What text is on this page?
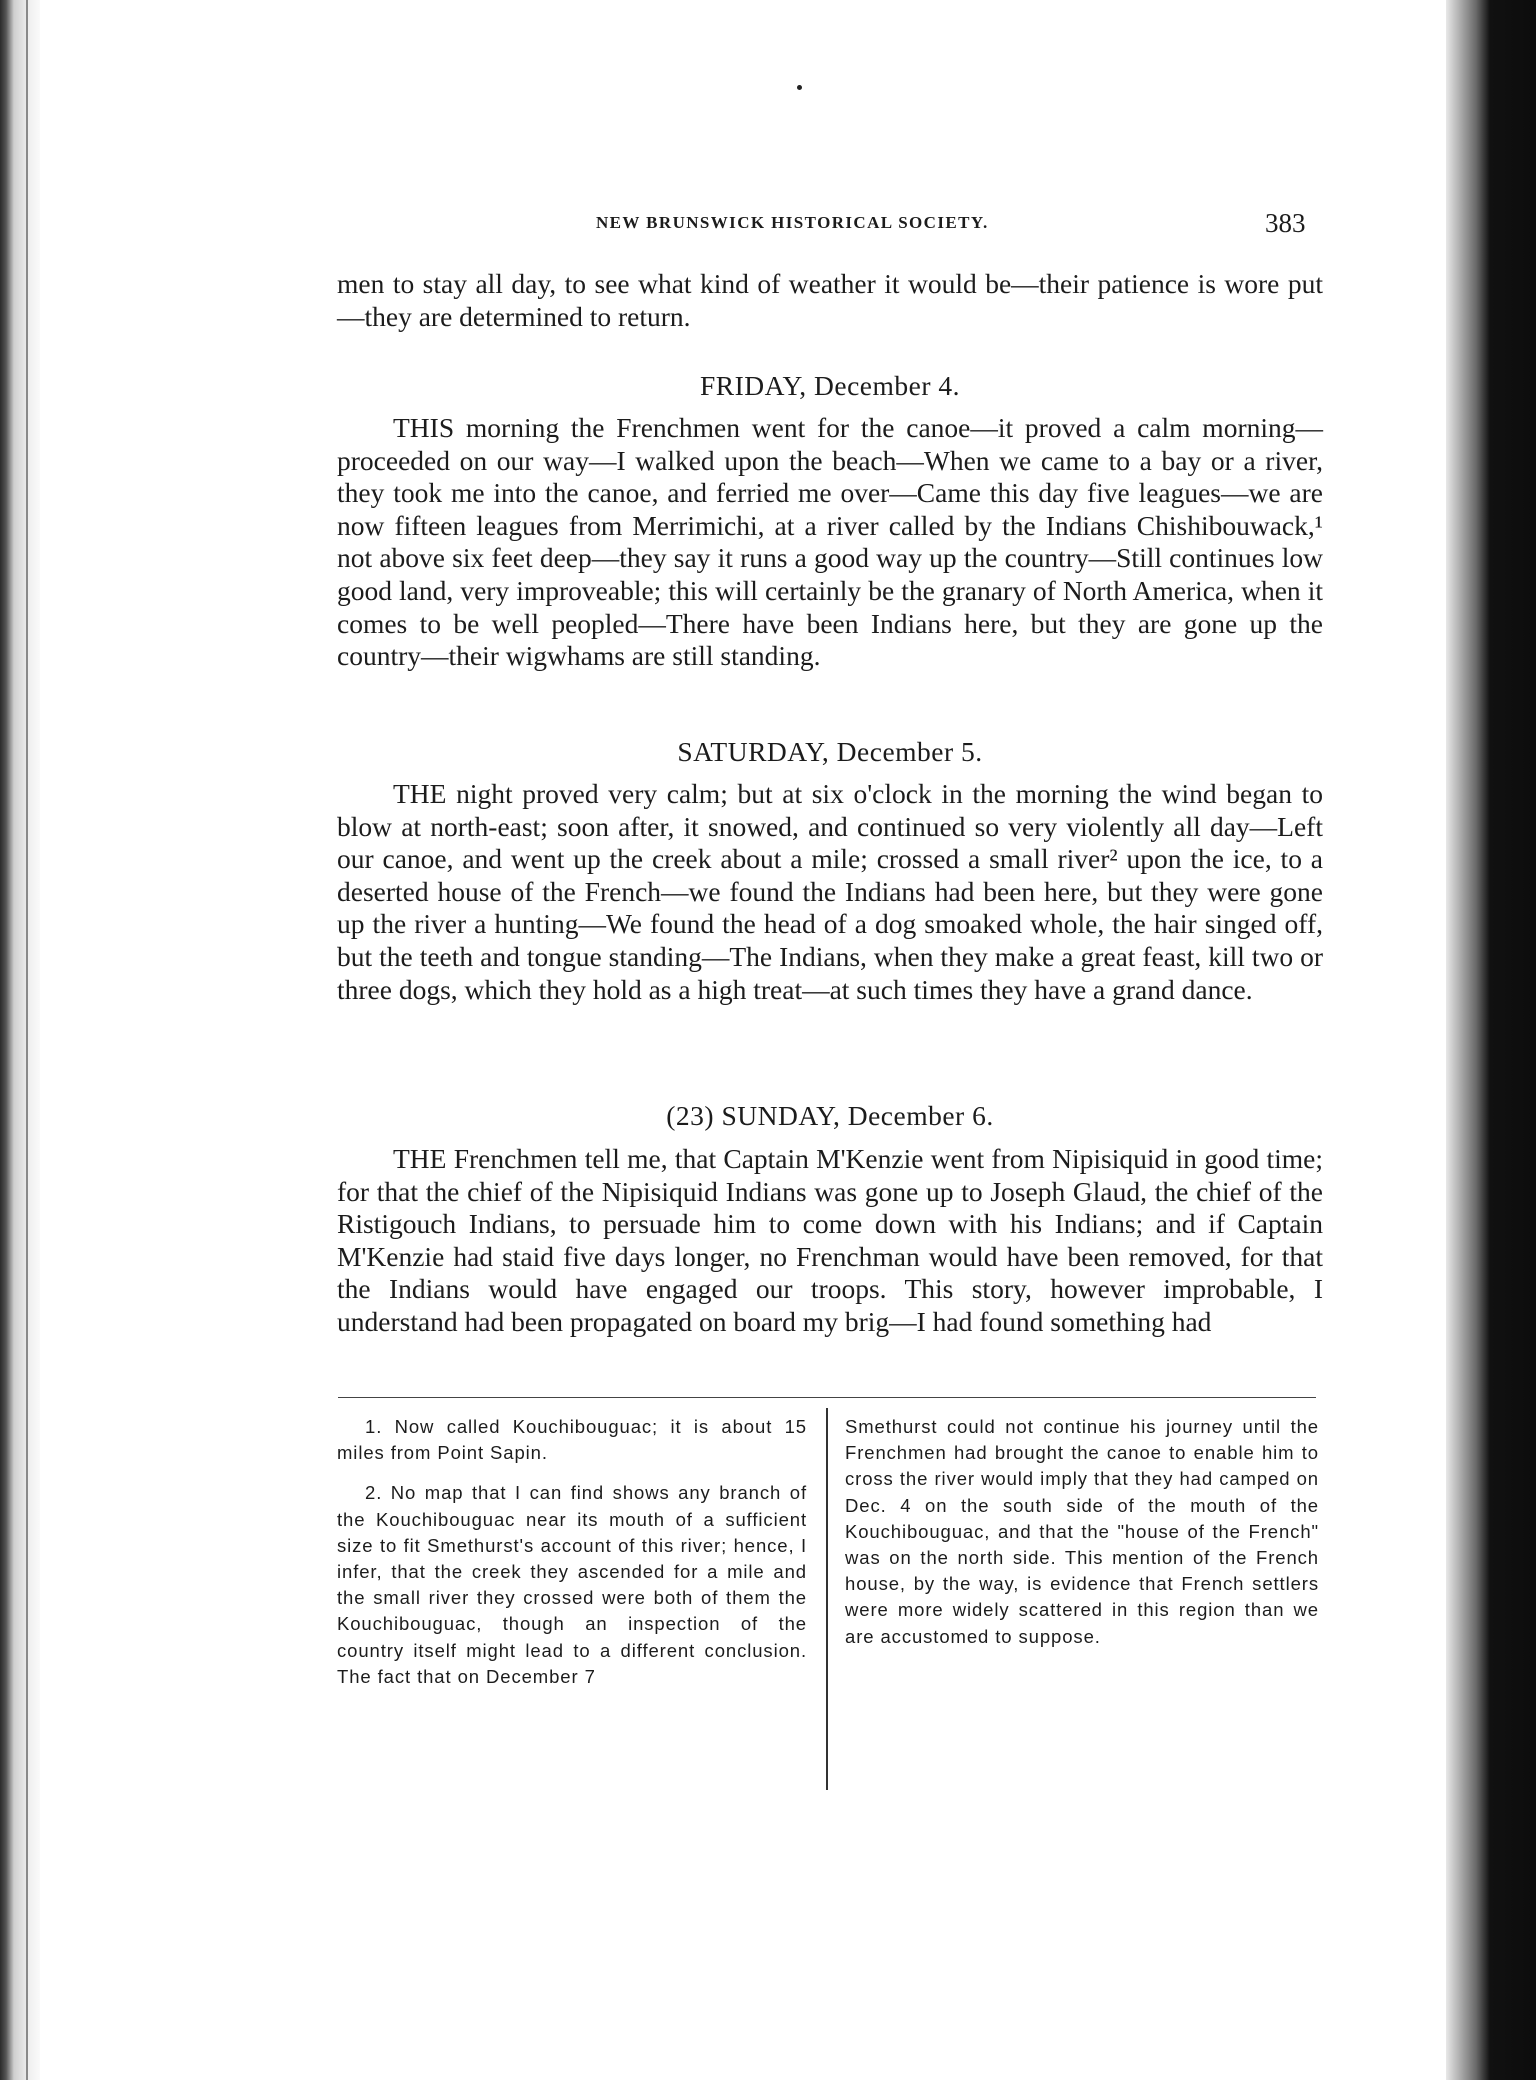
NEW BRUNSWICK HISTORICAL SOCIETY.	383

men to stay all day, to see what kind of weather it would be—their patience is wore put—they are determined to return.

FRIDAY, December 4.

THIS morning the Frenchmen went for the canoe—it proved a calm morning—proceeded on our way—I walked upon the beach—When we came to a bay or a river, they took me into the canoe, and ferried me over—Came this day five leagues—we are now fifteen leagues from Merrimichi, at a river called by the Indians Chishibouwack,¹ not above six feet deep—they say it runs a good way up the country—Still continues low good land, very improveable; this will certainly be the granary of North America, when it comes to be well peopled—There have been Indians here, but they are gone up the country—their wigwhams are still standing.

SATURDAY, December 5.

THE night proved very calm; but at six o'clock in the morning the wind began to blow at north-east; soon after, it snowed, and continued so very violently all day—Left our canoe, and went up the creek about a mile; crossed a small river² upon the ice, to a deserted house of the French—we found the Indians had been here, but they were gone up the river a hunting—We found the head of a dog smoaked whole, the hair singed off, but the teeth and tongue standing—The Indians, when they make a great feast, kill two or three dogs, which they hold as a high treat—at such times they have a grand dance.

(23) SUNDAY, December 6.

THE Frenchmen tell me, that Captain M'Kenzie went from Nipisiquid in good time; for that the chief of the Nipisiquid Indians was gone up to Joseph Glaud, the chief of the Ristigouch Indians, to persuade him to come down with his Indians; and if Captain M'Kenzie had staid five days longer, no Frenchman would have been removed, for that the Indians would have engaged our troops. This story, however improbable, I understand had been propagated on board my brig—I had found something had

1. Now called Kouchibouguac; it is about 15 miles from Point Sapin.

2. No map that I can find shows any branch of the Kouchibouguac near its mouth of a sufficient size to fit Smethurst's account of this river; hence, I infer, that the creek they ascended for a mile and the small river they crossed were both of them the Kouchibouguac, though an inspection of the country itself might lead to a different conclusion. The fact that on December 7

Smethurst could not continue his journey until the Frenchmen had brought the canoe to enable him to cross the river would imply that they had camped on Dec. 4 on the south side of the mouth of the Kouchibouguac, and that the "house of the French" was on the north side. This mention of the French house, by the way, is evidence that French settlers were more widely scattered in this region than we are accustomed to suppose.
